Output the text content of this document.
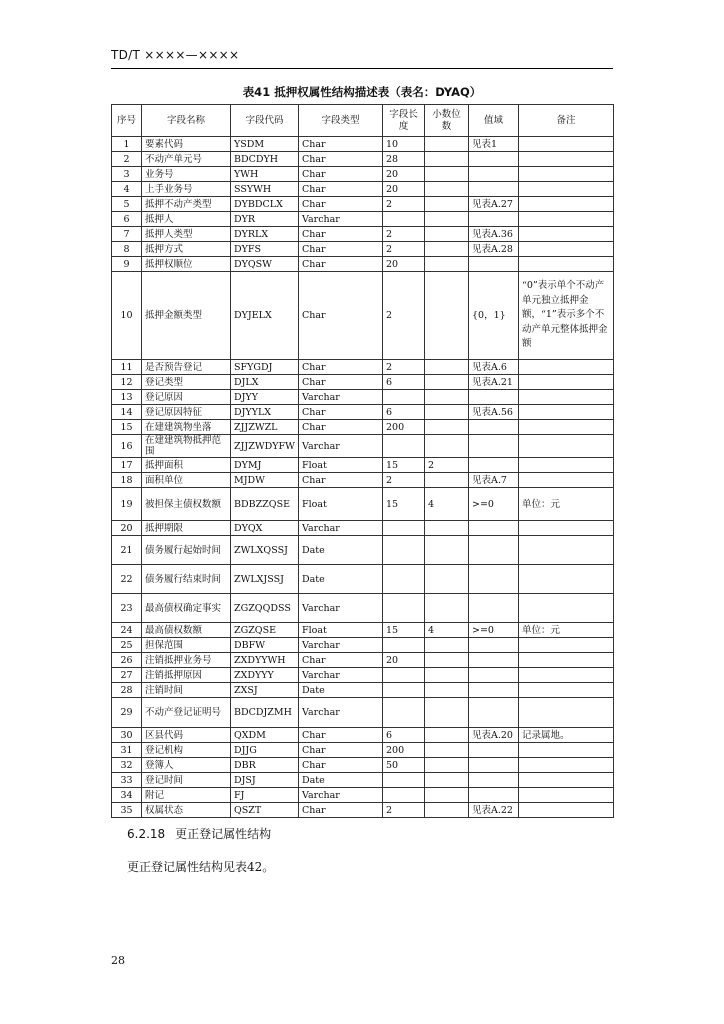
TD/T ××××—××××
表41 抵押权属性结构描述表（表名：DYAQ）
序号	字段名称	字段代码	字段类型	字段长度	小数位数	值域	备注
1	要素代码	YSDM	Char	10		见表1	
2	不动产单元号	BDCDYH	Char	28			
3	业务号	YWH	Char	20			
4	上手业务号	SSYWH	Char	20			
5	抵押不动产类型	DYBDCLX	Char	2		见表A.27	
6	抵押人	DYR	Varchar				
7	抵押人类型	DYRLX	Char	2		见表A.36	
8	抵押方式	DYFS	Char	2		见表A.28	
9	抵押权顺位	DYQSW	Char	20			
10	抵押金额类型	DYJELX	Char	2		{0，1}	“0”表示单个不动产单元独立抵押金额，“1”表示多个不动产单元整体抵押金额
11	是否预告登记	SFYGDJ	Char	2		见表A.6	
12	登记类型	DJLX	Char	6		见表A.21	
13	登记原因	DJYY	Varchar				
14	登记原因特征	DJYYLX	Char	6		见表A.56	
15	在建建筑物坐落	ZJJZWZL	Char	200			
16	在建建筑物抵押范围	ZJJZWDYFW	Varchar				
17	抵押面积	DYMJ	Float	15	2		
18	面积单位	MJDW	Char	2		见表A.7	
19	被担保主债权数额	BDBZZQSE	Float	15	4	>=0	单位：元
20	抵押期限	DYQX	Varchar				
21	债务履行起始时间	ZWLXQSSJ	Date				
22	债务履行结束时间	ZWLXJSSJ	Date				
23	最高债权确定事实	ZGZQQDSS	Varchar				
24	最高债权数额	ZGZQSE	Float	15	4	>=0	单位：元
25	担保范围	DBFW	Varchar				
26	注销抵押业务号	ZXDYYWH	Char	20			
27	注销抵押原因	ZXDYYY	Varchar				
28	注销时间	ZXSJ	Date				
29	不动产登记证明号	BDCDJZMH	Varchar				
30	区县代码	QXDM	Char	6		见表A.20	记录属地。
31	登记机构	DJJG	Char	200			
32	登簿人	DBR	Char	50			
33	登记时间	DJSJ	Date				
34	附记	FJ	Varchar				
35	权属状态	QSZT	Char	2		见表A.22	
6.2.18 更正登记属性结构
更正登记属性结构见表42。
28
